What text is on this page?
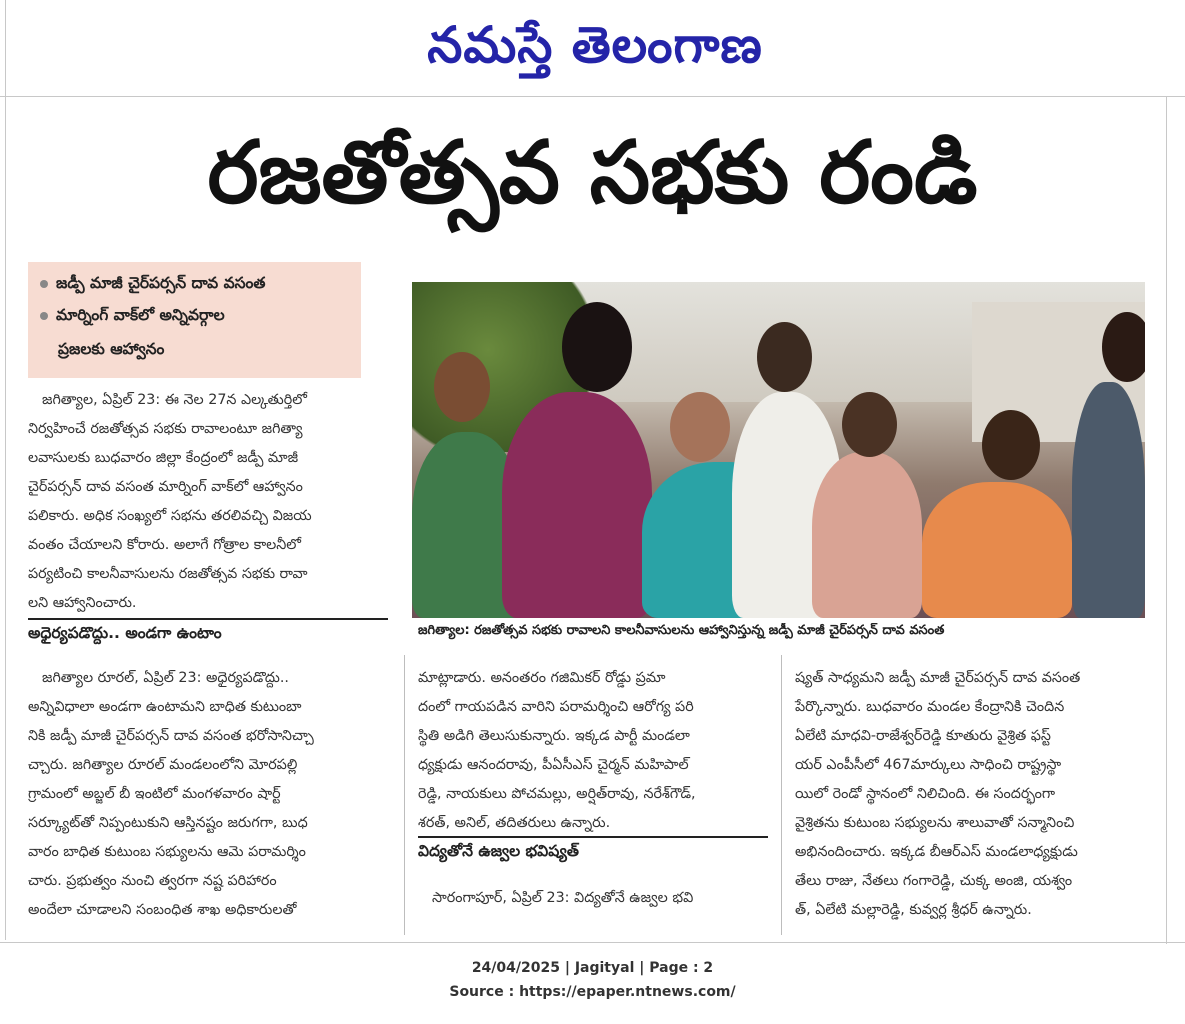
నమస్తే తెలంగాణ
రజతోత్సవ సభకు రండి
జడ్పీ మాజీ చైర్‌పర్సన్ దావ వసంత
మార్నింగ్ వాక్‌లో అన్నివర్గాల
ప్రజలకు ఆహ్వానం

జగిత్యాల, ఏప్రిల్ 23: ఈ నెల 27న ఎల్కతుర్తిలో

నిర్వహించే రజతోత్సవ సభకు రావాలంటూ జగిత్యా

లవాసులకు బుధవారం జిల్లా కేంద్రంలో జడ్పీ మాజీ

చైర్‌పర్సన్ దావ వసంత మార్నింగ్ వాక్‌లో ఆహ్వానం

పలికారు. అధిక సంఖ్యలో సభను తరలివచ్చి విజయ

వంతం చేయాలని కోరారు. అలాగే గోత్రాల కాలనీలో

పర్యటించి కాలనీవాసులను రజతోత్సవ సభకు రావా

లని ఆహ్వానించారు.

అధైర్యపడొద్దు.. అండగా ఉంటాం

జగిత్యాల రూరల్, ఏప్రిల్ 23: అధైర్యపడొద్దు..

అన్నివిధాలా అండగా ఉంటామని బాధిత కుటుంబా

నికి జడ్పీ మాజీ చైర్‌పర్సన్ దావ వసంత భరోసానిచ్చా

చ్చారు. జగిత్యాల రూరల్ మండలంలోని మోరపల్లి

గ్రామంలో అబ్జల్ బీ ఇంటిలో మంగళవారం షార్ట్

సర్క్యూట్‌తో నిప్పంటుకుని ఆస్తినష్టం జరుగగా, బుధ

వారం బాధిత కుటుంబ సభ్యులను ఆమె పరామర్శిం

చారు. ప్రభుత్వం నుంచి త్వరగా నష్ట పరిహారం

అందేలా చూడాలని సంబంధిత శాఖ అధికారులతో

జగిత్యాల: రజతోత్సవ సభకు రావాలని కాలనీవాసులను ఆహ్వానిస్తున్న జడ్పీ మాజీ చైర్‌పర్సన్ దావ వసంత

మాట్లాడారు. అనంతరం గజిమికర్ రోడ్డు ప్రమా

దంలో గాయపడిన వారిని పరామర్శించి ఆరోగ్య పరి

స్థితి అడిగి తెలుసుకున్నారు. ఇక్కడ పార్టీ మండలా

ధ్యక్షుడు ఆనందరావు, పీఏసీఎస్ చైర్మన్ మహిపాల్

రెడ్డి, నాయకులు పోచమల్లు, అర్షిత్‌రావు, నరేశ్‌గౌడ్,

శరత్, అనిల్, తదితరులు ఉన్నారు.

విద్యతోనే ఉజ్వల భవిష్యత్

సారంగాపూర్, ఏప్రిల్ 23: విద్యతోనే ఉజ్వల భవి

ష్యత్ సాధ్యమని జడ్పీ మాజీ చైర్‌పర్సన్ దావ వసంత

పేర్కొన్నారు. బుధవారం మండల కేంద్రానికి చెందిన

ఏలేటి మాధవి-రాజేశ్వర్‌రెడ్డి కూతురు వైశ్రిత ఫస్ట్

యర్ ఎంపీసీలో 467మార్కులు సాధించి రాష్ట్రస్థా

యిలో రెండో స్థానంలో నిలిచింది. ఈ సందర్భంగా

వైశ్రితను కుటుంబ సభ్యులను శాలువాతో సన్మానించి

అభినందించారు. ఇక్కడ బీఆర్ఎస్ మండలాధ్యక్షుడు

తేలు రాజు, నేతలు గంగారెడ్డి, చుక్క అంజి, యశ్వం

త్, ఏలేటి మల్లారెడ్డి, కువ్వర్ల శ్రీధర్ ఉన్నారు.

24/04/2025 | Jagityal | Page : 2
Source : https://epaper.ntnews.com/
